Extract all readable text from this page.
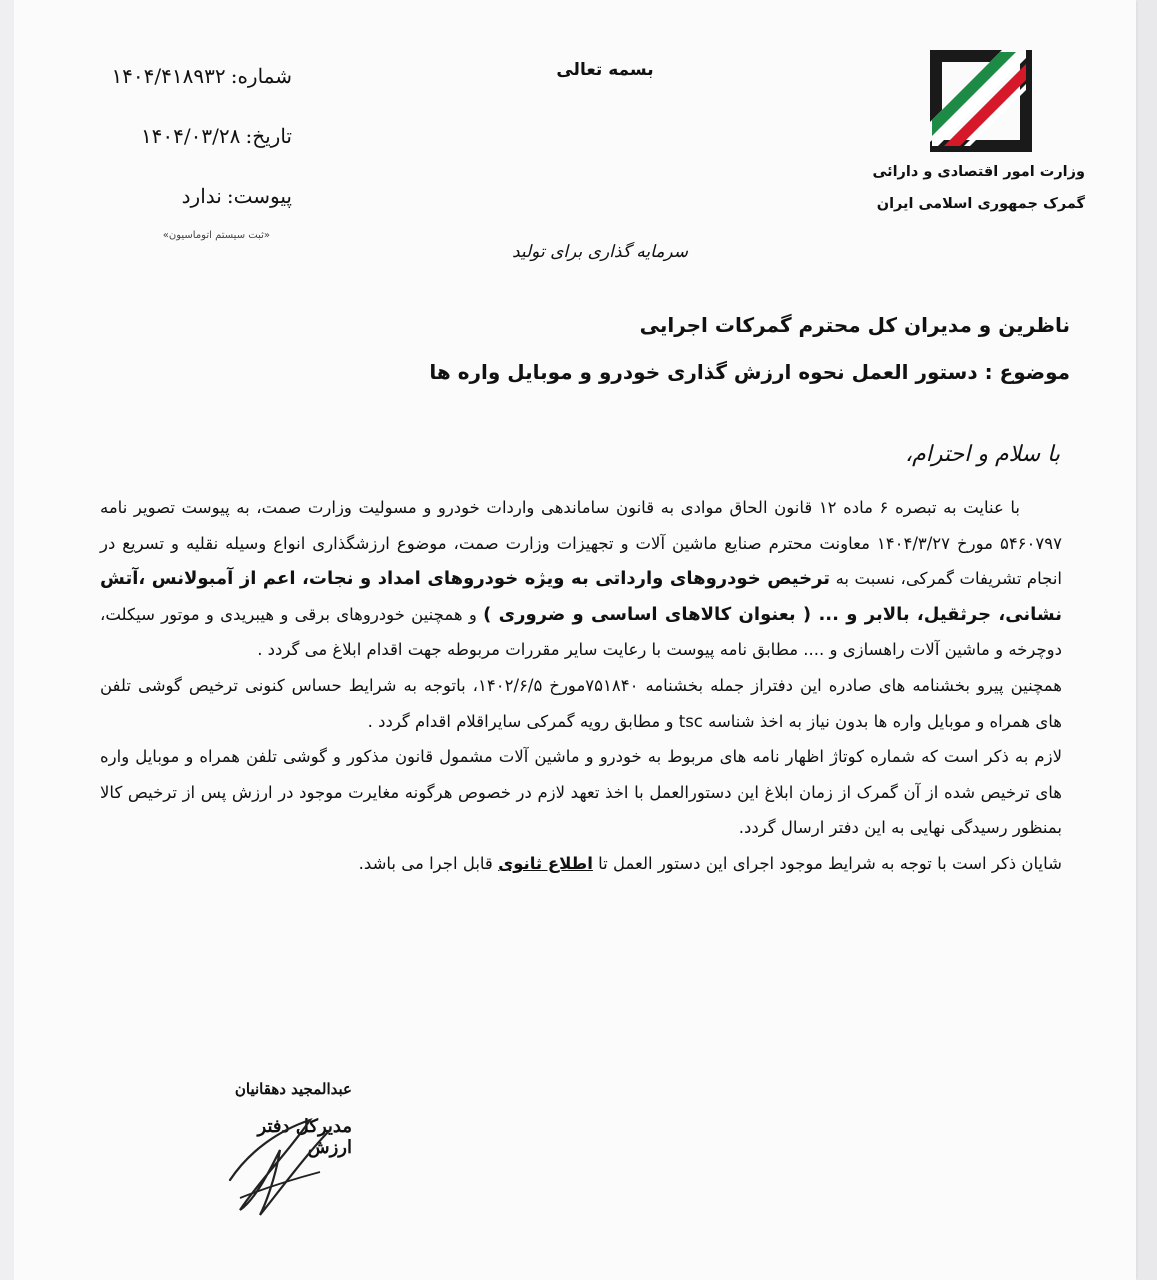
شماره: ۱۴۰۴/۴۱۸۹۳۲
تاریخ: ۱۴۰۴/۰۳/۲۸
پیوست: ندارد
«ثبت سیستم اتوماسیون»
بسمه تعالی
سرمایه گذاری برای تولید
وزارت امور اقتصادی و دارائی
گمرک جمهوری اسلامی ایران
ناظرین و مدیران کل محترم گمرکات اجرایی
موضوع : دستور العمل نحوه ارزش گذاری خودرو و موبایل واره ها
با سلام و احترام،

با عنایت به تبصره ۶ ماده ۱۲ قانون الحاق موادی به قانون ساماندهی واردات خودرو و مسولیت وزارت صمت، به پیوست تصویر نامه ۵۴۶۰۷۹۷ مورخ ۱۴۰۴/۳/۲۷ معاونت محترم صنایع ماشین آلات و تجهیزات وزارت صمت، موضوع ارزشگذاری انواع وسیله نقلیه و تسریع در انجام تشریفات گمرکی، نسبت به ترخیص خودروهای وارداتی به ویژه خودروهای امداد و نجات، اعم از آمبولانس ،آتش نشانی، جرثقیل، بالابر و ... ( بعنوان کالاهای اساسی و ضروری ) و همچنین خودروهای برقی و هیبریدی و موتور سیکلت، دوچرخه و ماشین آلات راهسازی و .... مطابق نامه پیوست با رعایت سایر مقررات مربوطه جهت اقدام ابلاغ می گردد .

همچنین پیرو بخشنامه های صادره این دفتراز جمله بخشنامه ۷۵۱۸۴۰مورخ ۱۴۰۲/۶/۵، باتوجه به شرایط حساس کنونی ترخیص گوشی تلفن های همراه و موبایل واره ها بدون نیاز به اخذ شناسه tsc و مطابق رویه گمرکی سایراقلام اقدام گردد .

لازم به ذکر است که شماره کوتاژ اظهار نامه های مربوط به خودرو و ماشین آلات مشمول قانون مذکور و گوشی تلفن همراه و موبایل واره های ترخیص شده از آن گمرک از زمان ابلاغ این دستورالعمل با اخذ تعهد لازم در خصوص هرگونه مغایرت موجود در ارزش پس از ترخیص کالا بمنظور رسیدگی نهایی به این دفتر ارسال گردد.

شایان ذکر است با توجه به شرایط موجود اجرای این دستور العمل تا اطلاع ثانوی قابل اجرا می باشد.

عبدالمجید دهقانیان
مدیرکل دفتر ارزش
